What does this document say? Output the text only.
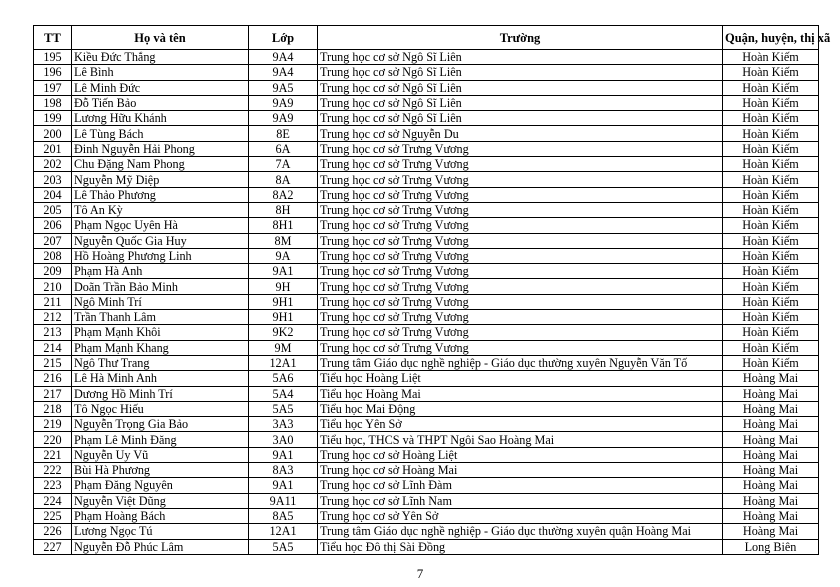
TT	Họ và tên	Lớp	Trường	Quận, huyện, thị xã
195	Kiều Đức Thắng	9A4	Trung học cơ sở Ngô Sĩ Liên	Hoàn Kiếm
196	Lê Bình	9A4	Trung học cơ sở Ngô Sĩ Liên	Hoàn Kiếm
197	Lê Minh Đức	9A5	Trung học cơ sở Ngô Sĩ Liên	Hoàn Kiếm
198	Đỗ Tiến Bảo	9A9	Trung học cơ sở Ngô Sĩ Liên	Hoàn Kiếm
199	Lương Hữu Khánh	9A9	Trung học cơ sở Ngô Sĩ Liên	Hoàn Kiếm
200	Lê Tùng Bách	8E	Trung học cơ sở Nguyễn Du	Hoàn Kiếm
201	Đinh Nguyễn Hải Phong	6A	Trung học cơ sở Trưng Vương	Hoàn Kiếm
202	Chu Đặng Nam Phong	7A	Trung học cơ sở Trưng Vương	Hoàn Kiếm
203	Nguyễn Mỹ Diệp	8A	Trung học cơ sở Trưng Vương	Hoàn Kiếm
204	Lê Thảo Phương	8A2	Trung học cơ sở Trưng Vương	Hoàn Kiếm
205	Tô An Kỳ	8H	Trung học cơ sở Trưng Vương	Hoàn Kiếm
206	Phạm Ngọc Uyên Hà	8H1	Trung học cơ sở Trưng Vương	Hoàn Kiếm
207	Nguyễn Quốc Gia Huy	8M	Trung học cơ sở Trưng Vương	Hoàn Kiếm
208	Hồ Hoàng Phương Linh	9A	Trung học cơ sở Trưng Vương	Hoàn Kiếm
209	Phạm Hà Anh	9A1	Trung học cơ sở Trưng Vương	Hoàn Kiếm
210	Doãn Trần Bảo Minh	9H	Trung học cơ sở Trưng Vương	Hoàn Kiếm
211	Ngô Minh Trí	9H1	Trung học cơ sở Trưng Vương	Hoàn Kiếm
212	Trần Thanh Lâm	9H1	Trung học cơ sở Trưng Vương	Hoàn Kiếm
213	Phạm Mạnh Khôi	9K2	Trung học cơ sở Trưng Vương	Hoàn Kiếm
214	Phạm Mạnh Khang	9M	Trung học cơ sở Trưng Vương	Hoàn Kiếm
215	Ngô Thư Trang	12A1	Trung tâm Giáo dục nghề nghiệp - Giáo dục thường xuyên Nguyễn Văn Tố	Hoàn Kiếm
216	Lê Hà Minh Anh	5A6	Tiểu học Hoàng Liệt	Hoàng Mai
217	Dương Hồ Minh Trí	5A4	Tiểu học Hoàng Mai	Hoàng Mai
218	Tô Ngọc Hiếu	5A5	Tiểu học Mai Động	Hoàng Mai
219	Nguyễn Trọng Gia Bảo	3A3	Tiểu học Yên Sở	Hoàng Mai
220	Phạm Lê Minh Đăng	3A0	Tiểu học, THCS và THPT Ngôi Sao Hoàng Mai	Hoàng Mai
221	Nguyễn Uy Vũ	9A1	Trung học cơ sở Hoàng Liệt	Hoàng Mai
222	Bùi Hà Phương	8A3	Trung học cơ sở Hoàng Mai	Hoàng Mai
223	Phạm Đăng Nguyên	9A1	Trung học cơ sở Lĩnh Đàm	Hoàng Mai
224	Nguyễn Việt Dũng	9A11	Trung học cơ sở Lĩnh Nam	Hoàng Mai
225	Phạm Hoàng Bách	8A5	Trung học cơ sở Yên Sở	Hoàng Mai
226	Lương Ngọc Tú	12A1	Trung tâm Giáo dục nghề nghiệp - Giáo dục thường xuyên quận Hoàng Mai	Hoàng Mai
227	Nguyễn Đỗ Phúc Lâm	5A5	Tiểu học Đô thị Sài Đồng	Long Biên
7
